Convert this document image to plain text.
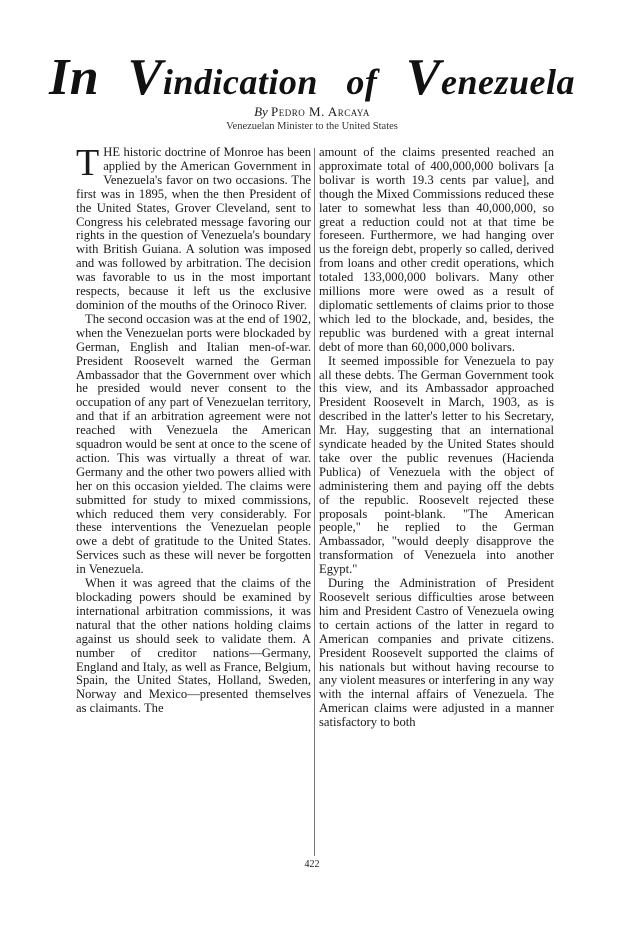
In Vindication of Venezuela
By Pedro M. Arcaya
Venezuelan Minister to the United States

THE historic doctrine of Monroe has been applied by the American Government in Venezuela's favor on two occasions. The first was in 1895, when the then President of the United States, Grover Cleveland, sent to Congress his celebrated message favoring our rights in the question of Venezuela's boundary with British Guiana. A solution was imposed and was followed by arbitration. The decision was favorable to us in the most important respects, because it left us the exclusive dominion of the mouths of the Orinoco River.

The second occasion was at the end of 1902, when the Venezuelan ports were blockaded by German, English and Italian men-of-war. President Roosevelt warned the German Ambassador that the Government over which he presided would never consent to the occupation of any part of Venezuelan territory, and that if an arbitration agreement were not reached with Venezuela the American squadron would be sent at once to the scene of action. This was virtually a threat of war. Germany and the other two powers allied with her on this occasion yielded. The claims were submitted for study to mixed commissions, which reduced them very considerably. For these interventions the Venezuelan people owe a debt of gratitude to the United States. Services such as these will never be forgotten in Venezuela.

When it was agreed that the claims of the blockading powers should be examined by international arbitration commissions, it was natural that the other nations holding claims against us should seek to validate them. A number of creditor nations—Germany, England and Italy, as well as France, Belgium, Spain, the United States, Holland, Sweden, Norway and Mexico—presented themselves as claimants. The

amount of the claims presented reached an approximate total of 400,000,000 bolivars [a bolivar is worth 19.3 cents par value], and though the Mixed Commissions reduced these later to somewhat less than 40,000,000, so great a reduction could not at that time be foreseen. Furthermore, we had hanging over us the foreign debt, properly so called, derived from loans and other credit operations, which totaled 133,000,000 bolivars. Many other millions more were owed as a result of diplomatic settlements of claims prior to those which led to the blockade, and, besides, the republic was burdened with a great internal debt of more than 60,000,000 bolivars.

It seemed impossible for Venezuela to pay all these debts. The German Government took this view, and its Ambassador approached President Roosevelt in March, 1903, as is described in the latter's letter to his Secretary, Mr. Hay, suggesting that an international syndicate headed by the United States should take over the public revenues (Hacienda Publica) of Venezuela with the object of administering them and paying off the debts of the republic. Roosevelt rejected these proposals point-blank. "The American people," he replied to the German Ambassador, "would deeply disapprove the transformation of Venezuela into another Egypt."

During the Administration of President Roosevelt serious difficulties arose between him and President Castro of Venezuela owing to certain actions of the latter in regard to American companies and private citizens. President Roosevelt supported the claims of his nationals but without having recourse to any violent measures or interfering in any way with the internal affairs of Venezuela. The American claims were adjusted in a manner satisfactory to both

422
